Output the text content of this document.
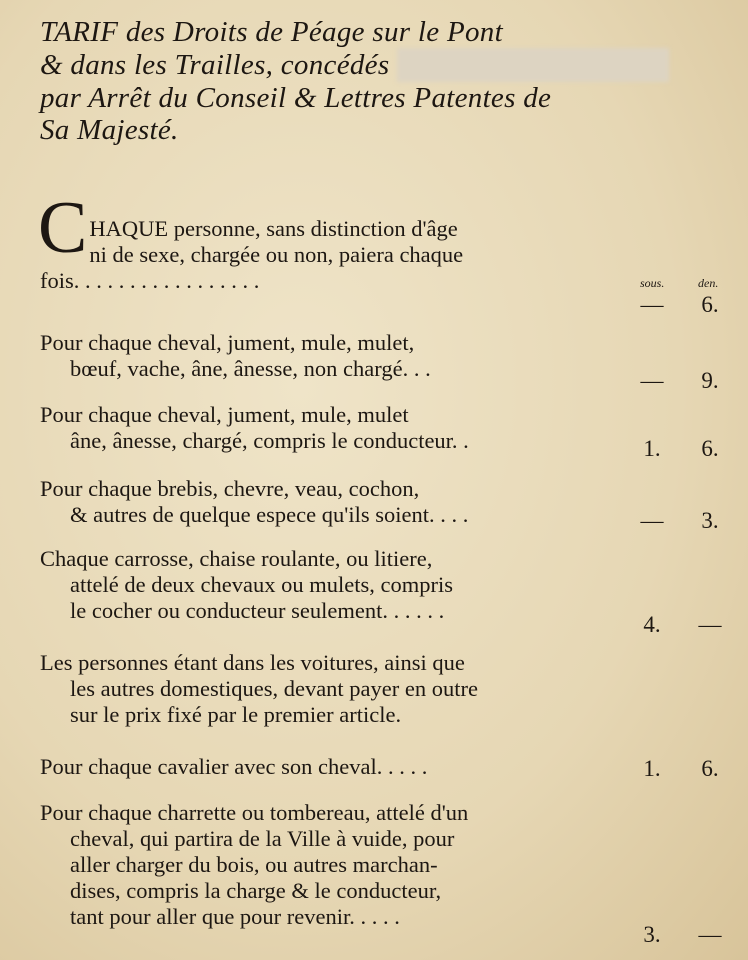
TARIF des Droits de Péage sur le Pont
& dans les Trailles, concédés
par Arrêt du Conseil & Lettres Patentes de
Sa Majesté.
sous.	den.
C HAQUE personne, sans distinction d'âge
ni de sexe, chargée ou non, paiera chaque
fois. . . . . . . . . . . . . . . . .
—	6.
Pour chaque cheval, jument, mule, mulet,
bœuf, vache, âne, ânesse, non chargé. . .	—	9.
Pour chaque cheval, jument, mule, mulet
âne, ânesse, chargé, compris le conducteur. .	1.	6.
Pour chaque brebis, chevre, veau, cochon,
& autres de quelque espece qu'ils soient. . . .	—	3.
Chaque carrosse, chaise roulante, ou litiere,
attelé de deux chevaux ou mulets, compris
le cocher ou conducteur seulement. . . . . .
4.	—
Les personnes étant dans les voitures, ainsi que
les autres domestiques, devant payer en outre
sur le prix fixé par le premier article.
Pour chaque cavalier avec son cheval. . . . .	1.	6.
Pour chaque charrette ou tombereau, attelé d'un
cheval, qui partira de la Ville à vuide, pour
aller charger du bois, ou autres marchan-
dises, compris la charge & le conducteur,
tant pour aller que pour revenir. . . . .
3.	—
